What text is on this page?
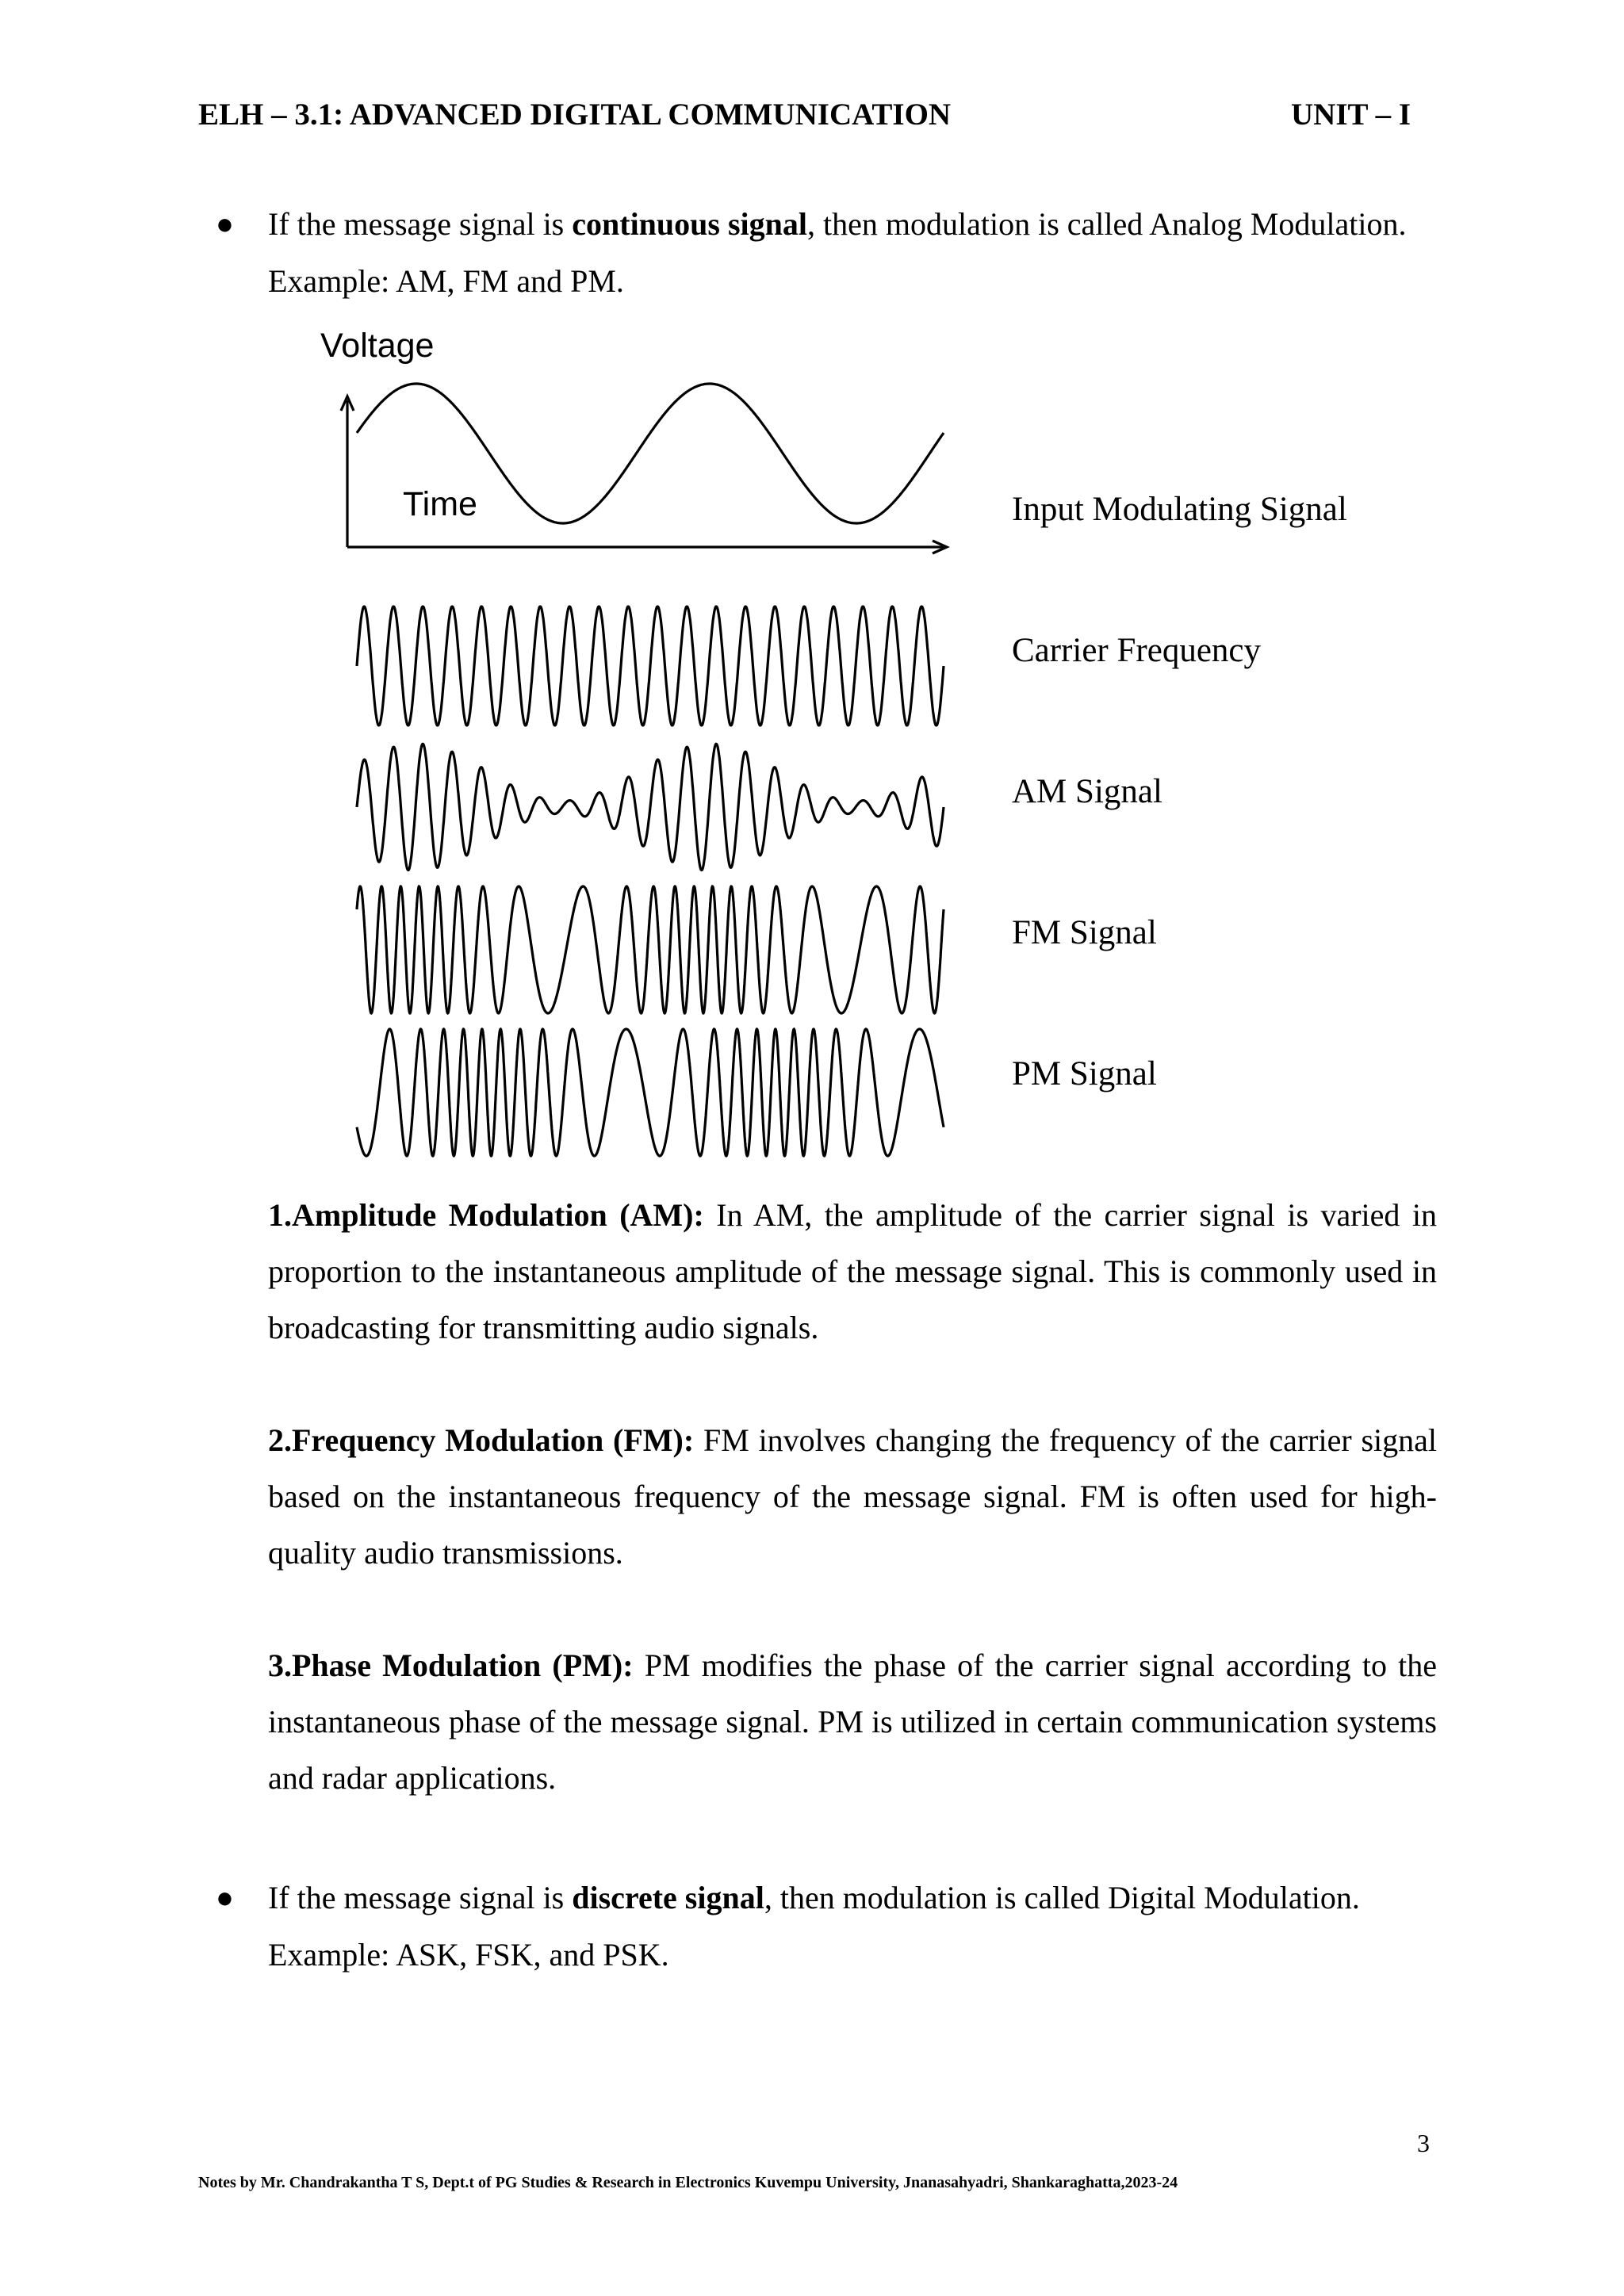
ELH – 3.1: ADVANCED DIGITAL COMMUNICATION	UNIT – I
● If the message signal is continuous signal, then modulation is called Analog Modulation.
Example: AM, FM and PM.
Voltage
Time	Input Modulating Signal
Carrier Frequency
AM Signal
FM Signal
PM Signal
1.Amplitude Modulation (AM): In AM, the amplitude of the carrier signal is varied in proportion to the instantaneous amplitude of the message signal. This is commonly used in broadcasting for transmitting audio signals.
2.Frequency Modulation (FM): FM involves changing the frequency of the carrier signal based on the instantaneous frequency of the message signal. FM is often used for high-quality audio transmissions.
3.Phase Modulation (PM): PM modifies the phase of the carrier signal according to the instantaneous phase of the message signal. PM is utilized in certain communication systems and radar applications.
● If the message signal is discrete signal, then modulation is called Digital Modulation.
Example: ASK, FSK, and PSK.
3
Notes by Mr. Chandrakantha T S, Dept.t of PG Studies & Research in Electronics Kuvempu University, Jnanasahyadri, Shankaraghatta,2023-24
